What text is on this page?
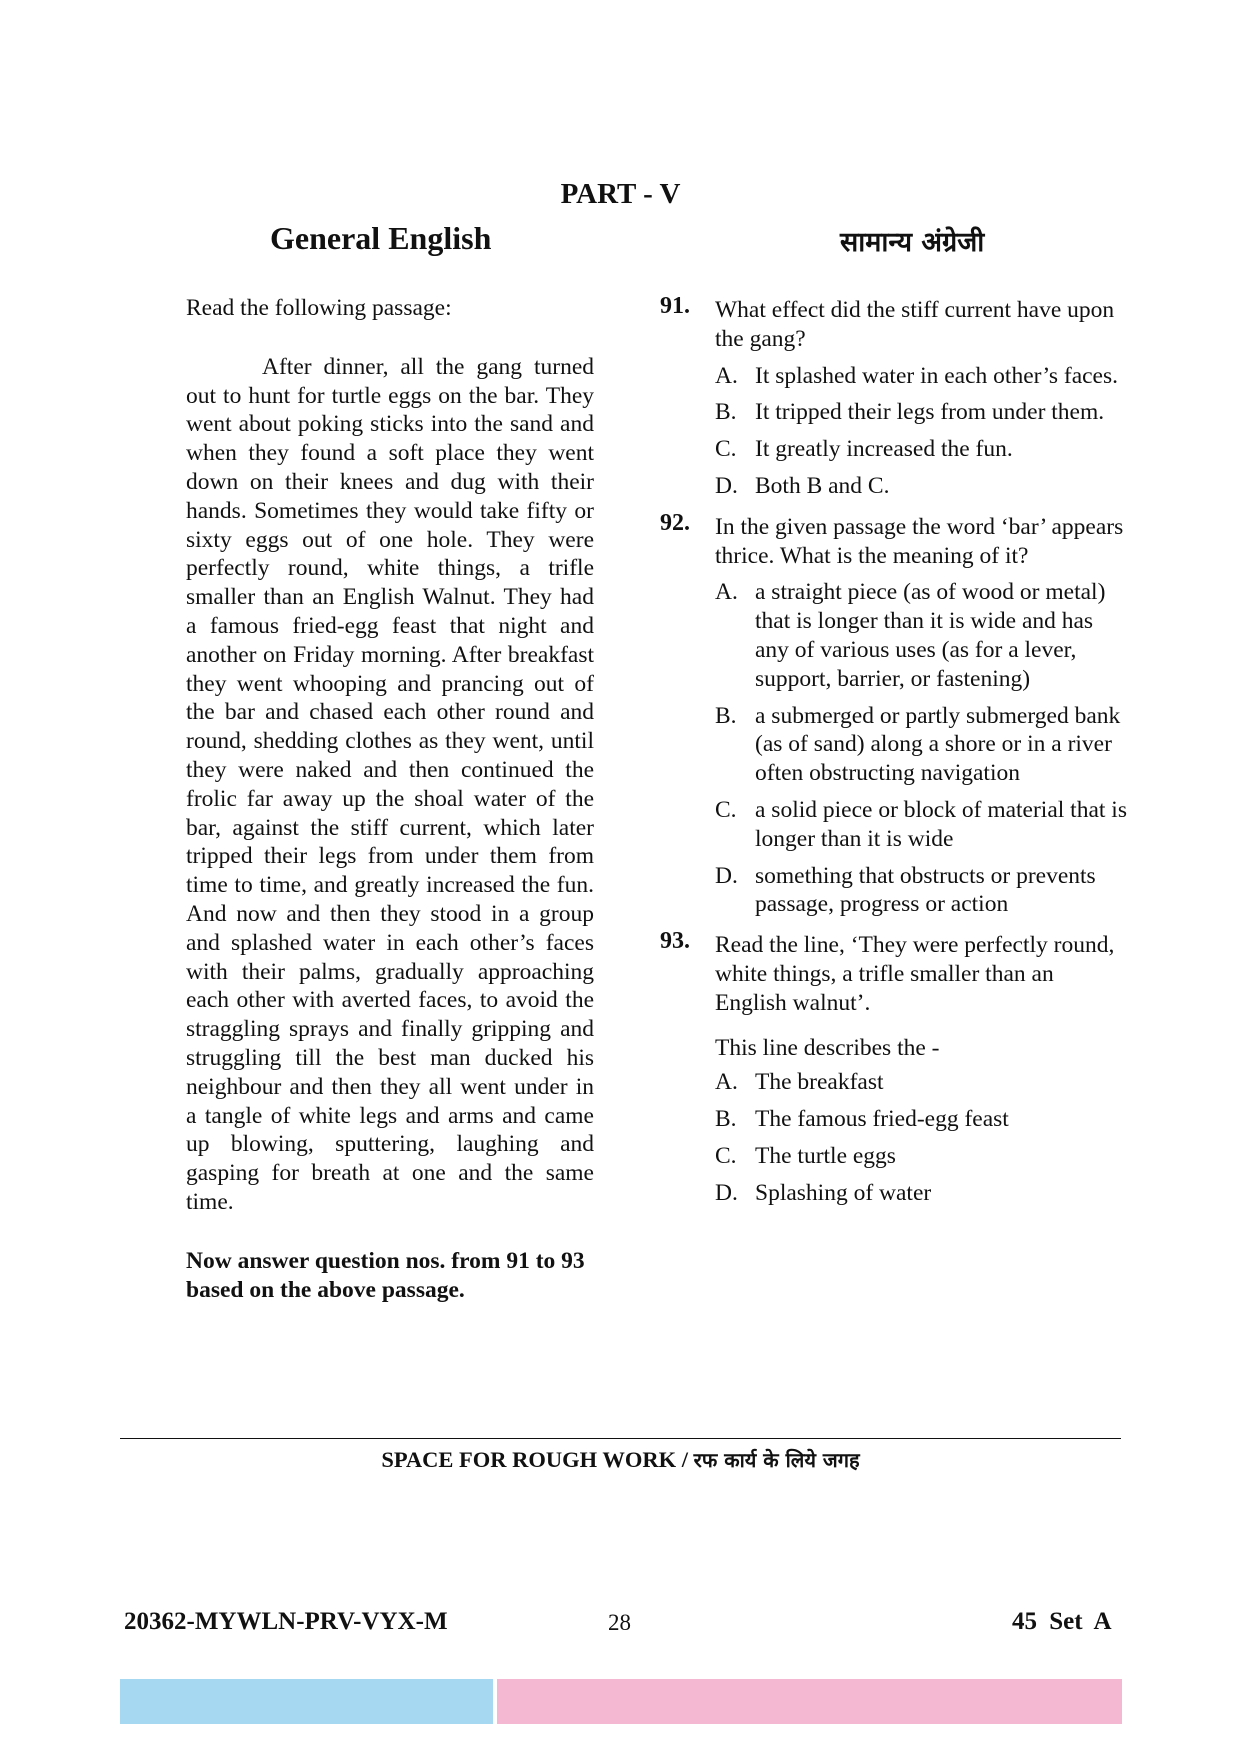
PART - V
General English	सामान्य अंग्रेजी

Read the following passage:

After dinner, all the gang turned out to hunt for turtle eggs on the bar. They went about poking sticks into the sand and when they found a soft place they went down on their knees and dug with their hands. Sometimes they would take fifty or sixty eggs out of one hole. They were perfectly round, white things, a trifle smaller than an English Walnut. They had a famous fried-egg feast that night and another on Friday morning. After breakfast they went whooping and prancing out of the bar and chased each other round and round, shedding clothes as they went, until they were naked and then continued the frolic far away up the shoal water of the bar, against the stiff current, which later tripped their legs from under them from time to time, and greatly increased the fun. And now and then they stood in a group and splashed water in each other’s faces with their palms, gradually approaching each other with averted faces, to avoid the straggling sprays and finally gripping and struggling till the best man ducked his neighbour and then they all went under in a tangle of white legs and arms and came up blowing, sputtering, laughing and gasping for breath at one and the same time.

Now answer question nos. from 91 to 93 based on the above passage.
91. What effect did the stiff current have upon the gang?
A. It splashed water in each other’s faces.
B. It tripped their legs from under them.
C. It greatly increased the fun.
D. Both B and C.
92. In the given passage the word ‘bar’ appears thrice. What is the meaning of it?
A. a straight piece (as of wood or metal) that is longer than it is wide and has any of various uses (as for a lever, support, barrier, or fastening)
B. a submerged or partly submerged bank (as of sand) along a shore or in a river often obstructing navigation
C. a solid piece or block of material that is longer than it is wide
D. something that obstructs or prevents passage, progress or action
93. Read the line, ‘They were perfectly round, white things, a trifle smaller than an English walnut’.
This line describes the -
A. The breakfast
B. The famous fried-egg feast
C. The turtle eggs
D. Splashing of water
SPACE FOR ROUGH WORK / रफ कार्य के लिये जगह
20362-MYWLN-PRV-VYX-M	28	45 Set A
